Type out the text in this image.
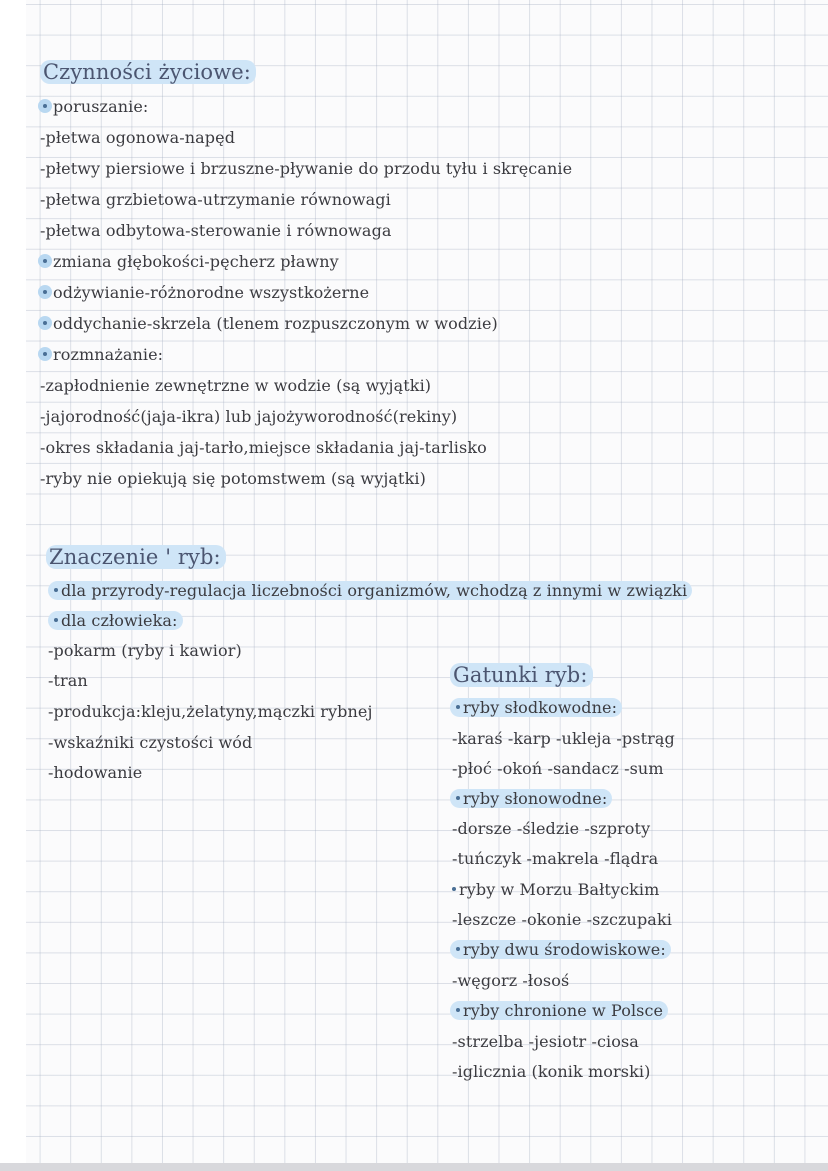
Czynności życiowe:
poruszanie:
-płetwa ogonowa-napęd
-płetwy piersiowe i brzuszne-pływanie do przodu tyłu i skręcanie
-płetwa grzbietowa-utrzymanie równowagi
-płetwa odbytowa-sterowanie i równowaga
zmiana głębokości-pęcherz pławny
odżywianie-różnorodne wszystkożerne
oddychanie-skrzela (tlenem rozpuszczonym w wodzie)
rozmnażanie:
-zapłodnienie zewnętrzne w wodzie (są wyjątki)
-jajorodność(jaja-ikra) lub jajożyworodność(rekiny)
-okres składania jaj-tarło,miejsce składania jaj-tarlisko
-ryby nie opiekują się potomstwem (są wyjątki)
Znaczenie ' ryb:
dla przyrody-regulacja liczebności organizmów, wchodzą z innymi w związki
dla człowieka:
-pokarm (ryby i kawior)
-tran
-produkcja:kleju,żelatyny,mączki rybnej
-wskaźniki czystości wód
-hodowanie
Gatunki ryb:
ryby słodkowodne:
-karaś -karp -ukleja -pstrąg
-płoć -okoń -sandacz -sum
ryby słonowodne:
-dorsze -śledzie -szproty
-tuńczyk -makrela -flądra
ryby w Morzu Bałtyckim
-leszcze -okonie -szczupaki
ryby dwu środowiskowe:
-węgorz -łosoś
ryby chronione w Polsce
-strzelba -jesiotr -ciosa
-iglicznia (konik morski)
